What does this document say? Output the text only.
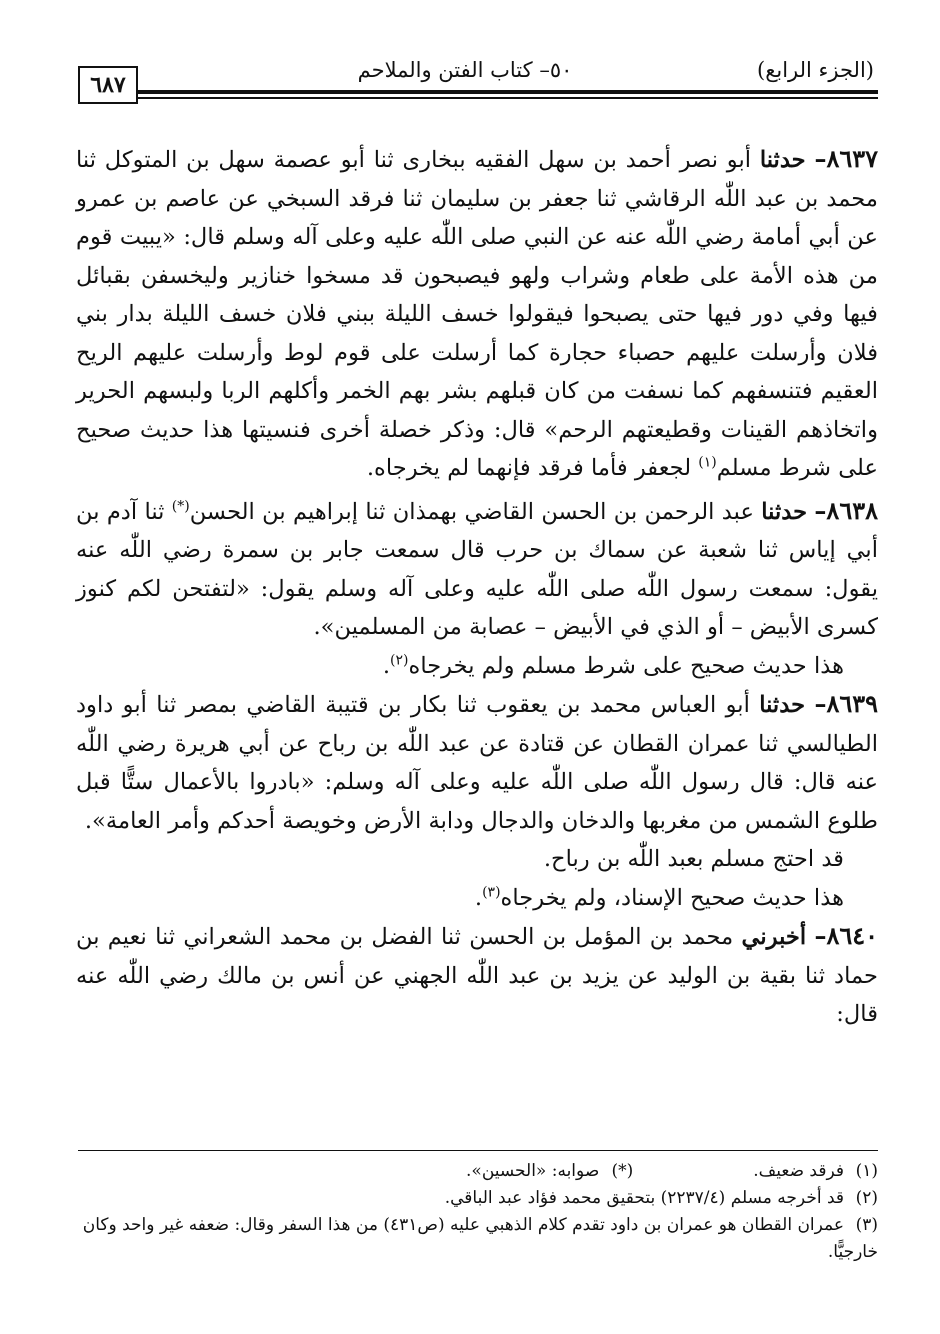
٦٨٧
٥٠– كتاب الفتن والملاحم	(الجزء الرابع)

٨٦٣٧– حدثنا أبو نصر أحمد بن سهل الفقيه ببخارى ثنا أبو عصمة سهل بن المتوكل ثنا محمد بن عبد اللّٰه الرقاشي ثنا جعفر بن سليمان ثنا فرقد السبخي عن عاصم بن عمرو عن أبي أمامة رضي اللّٰه عنه عن النبي صلى اللّٰه عليه وعلى آله وسلم قال: «يبيت قوم من هذه الأمة على طعام وشراب ولهو فيصبحون قد مسخوا خنازير وليخسفن بقبائل فيها وفي دور فيها حتى يصبحوا فيقولوا خسف الليلة ببني فلان خسف الليلة بدار بني فلان وأرسلت عليهم حصباء حجارة كما أرسلت على قوم لوط وأرسلت عليهم الريح العقيم فتنسفهم كما نسفت من كان قبلهم بشر بهم الخمر وأكلهم الربا ولبسهم الحرير واتخاذهم القينات وقطيعتهم الرحم» قال: وذكر خصلة أخرى فنسيتها هذا حديث صحيح على شرط مسلم$^{(١)}$ لجعفر فأما فرقد فإنهما لم يخرجاه.

٨٦٣٨– حدثنا عبد الرحمن بن الحسن القاضي بهمذان ثنا إبراهيم بن الحسن(*) ثنا آدم بن أبي إياس ثنا شعبة عن سماك بن حرب قال سمعت جابر بن سمرة رضي اللّٰه عنه يقول: سمعت رسول اللّٰه صلى اللّٰه عليه وعلى آله وسلم يقول: «لتفتحن لكم كنوز كسرى الأبيض – أو الذي في الأبيض – عصابة من المسلمين».

هذا حديث صحيح على شرط مسلم ولم يخرجاه$^{(٢)}$.

٨٦٣٩– حدثنا أبو العباس محمد بن يعقوب ثنا بكار بن قتيبة القاضي بمصر ثنا أبو داود الطيالسي ثنا عمران القطان عن قتادة عن عبد اللّٰه بن رباح عن أبي هريرة رضي اللّٰه عنه قال: قال رسول اللّٰه صلى اللّٰه عليه وعلى آله وسلم: «بادروا بالأعمال ستًّا قبل طلوع الشمس من مغربها والدخان والدجال ودابة الأرض وخويصة أحدكم وأمر العامة».

قد احتج مسلم بعبد اللّٰه بن رباح.

هذا حديث صحيح الإسناد، ولم يخرجاه$^{(٣)}$.

٨٦٤٠– أخبرني محمد بن المؤمل بن الحسن ثنا الفضل بن محمد الشعراني ثنا نعيم بن حماد ثنا بقية بن الوليد عن يزيد بن عبد اللّٰه الجهني عن أنس بن مالك رضي اللّٰه عنه قال:

(١)فرقد ضعيف.

(*)صوابه: «الحسين».

(٢)قد أخرجه مسلم (٢٢٣٧/٤) بتحقيق محمد فؤاد عبد الباقي.

(٣)عمران القطان هو عمران بن داود تقدم كلام الذهبي عليه (ص٤٣١) من هذا السفر وقال: ضعفه غير واحد وكان خارجيًّا.
